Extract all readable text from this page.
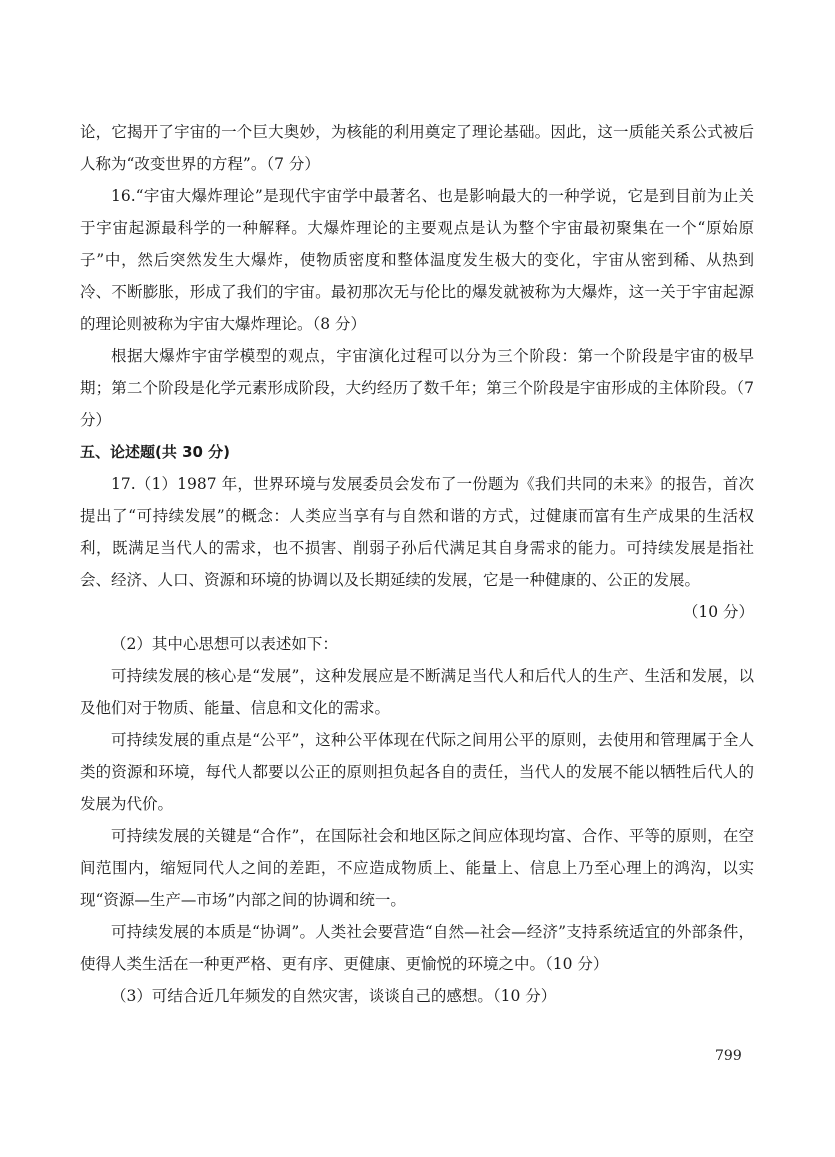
论，它揭开了宇宙的一个巨大奥妙，为核能的利用奠定了理论基础。因此，这一质能关系公式被后人称为“改变世界的方程”。（7 分）

16.“宇宙大爆炸理论”是现代宇宙学中最著名、也是影响最大的一种学说，它是到目前为止关于宇宙起源最科学的一种解释。大爆炸理论的主要观点是认为整个宇宙最初聚集在一个“原始原子”中，然后突然发生大爆炸，使物质密度和整体温度发生极大的变化，宇宙从密到稀、从热到冷、不断膨胀，形成了我们的宇宙。最初那次无与伦比的爆发就被称为大爆炸，这一关于宇宙起源的理论则被称为宇宙大爆炸理论。（8 分）

根据大爆炸宇宙学模型的观点，宇宙演化过程可以分为三个阶段：第一个阶段是宇宙的极早期；第二个阶段是化学元素形成阶段，大约经历了数千年；第三个阶段是宇宙形成的主体阶段。（7 分）

五、论述题(共 30 分)

17.（1）1987 年，世界环境与发展委员会发布了一份题为《我们共同的未来》的报告，首次提出了“可持续发展”的概念：人类应当享有与自然和谐的方式，过健康而富有生产成果的生活权利，既满足当代人的需求，也不损害、削弱子孙后代满足其自身需求的能力。可持续发展是指社会、经济、人口、资源和环境的协调以及长期延续的发展，它是一种健康的、公正的发展。

（10 分）

（2）其中心思想可以表述如下：

可持续发展的核心是“发展”，这种发展应是不断满足当代人和后代人的生产、生活和发展，以及他们对于物质、能量、信息和文化的需求。

可持续发展的重点是“公平”，这种公平体现在代际之间用公平的原则，去使用和管理属于全人类的资源和环境，每代人都要以公正的原则担负起各自的责任，当代人的发展不能以牺牲后代人的发展为代价。

可持续发展的关键是“合作”，在国际社会和地区际之间应体现均富、合作、平等的原则，在空间范围内，缩短同代人之间的差距，不应造成物质上、能量上、信息上乃至心理上的鸿沟，以实现“资源—生产—市场”内部之间的协调和统一。

可持续发展的本质是“协调”。人类社会要营造“自然—社会—经济”支持系统适宜的外部条件，使得人类生活在一种更严格、更有序、更健康、更愉悦的环境之中。（10 分）

（3）可结合近几年频发的自然灾害，谈谈自己的感想。（10 分）

799
